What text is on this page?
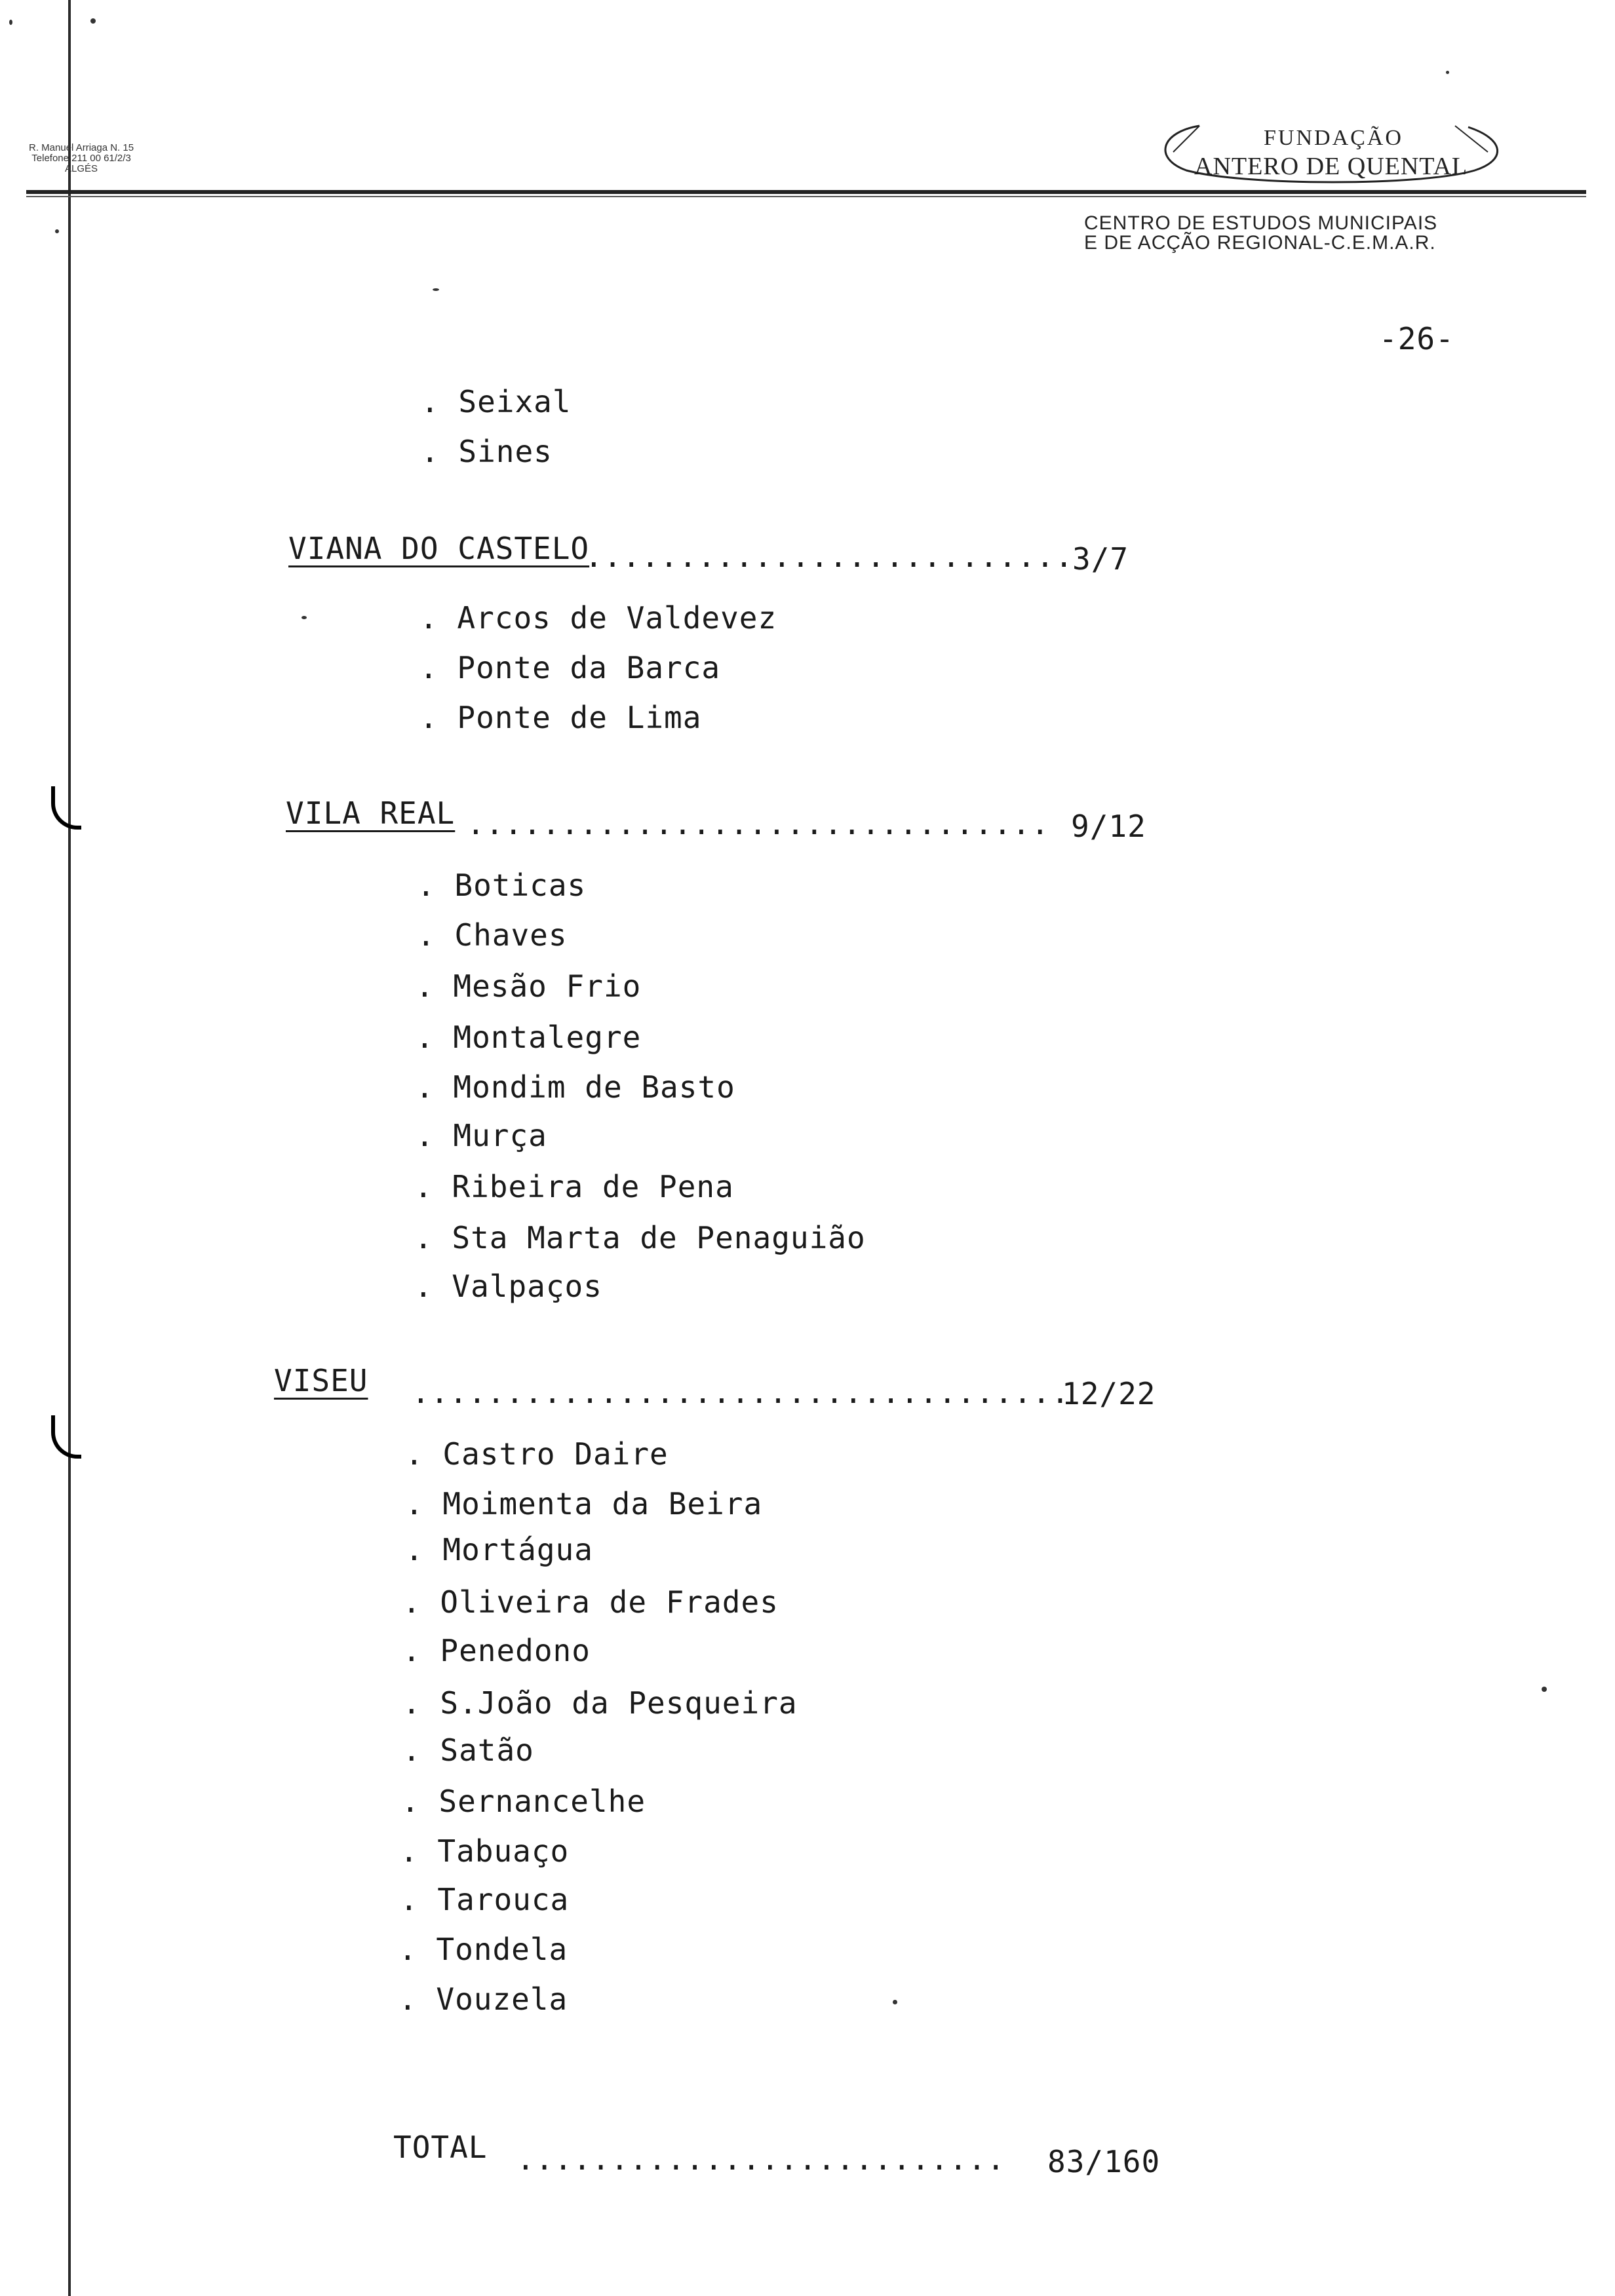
R. Manuel Arriaga N. 15
Telefone 211 00 61/2/3
ALGÉS
FUNDAÇÃO
ANTERO DE QUENTAL
CENTRO DE ESTUDOS MUNICIPAIS
E DE ACÇÃO REGIONAL-C.E.M.A.R.
-26-
. Seixal
. Sines
VIANA DO CASTELO
..........................
3/7
. Arcos de Valdevez
. Ponte da Barca
. Ponte de Lima
VILA REAL ............................... 9/12
. Boticas
. Chaves
. Mesão Frio
. Montalegre
. Mondim de Basto
. Murça
. Ribeira de Pena
. Sta Marta de Penaguião
. Valpaços
VISEU ...................................
12/22
. Castro Daire
. Moimenta da Beira
. Mortágua
. Oliveira de Frades
. Penedono
. S.João da Pesqueira
. Satão
. Sernancelhe
. Tabuaço
. Tarouca
. Tondela
. Vouzela
TOTAL .......................... 83/160
